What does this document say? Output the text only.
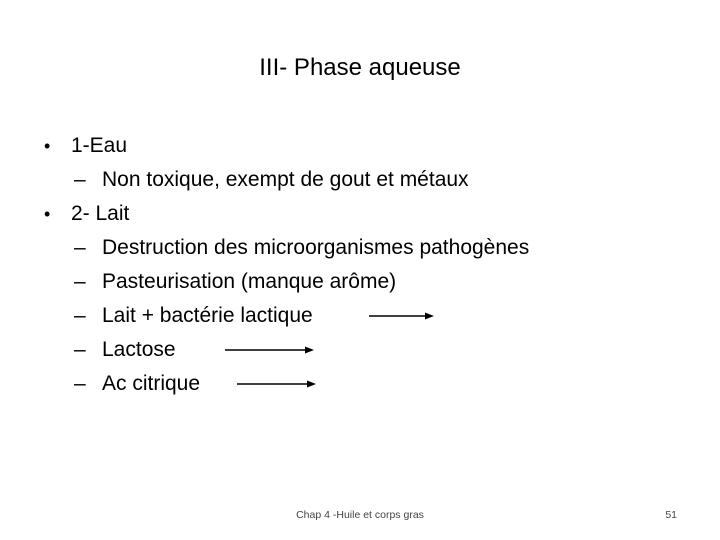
III- Phase aqueuse
• 1-Eau
– Non toxique, exempt de gout et métaux
• 2- Lait
– Destruction des microorganismes pathogènes
– Pasteurisation (manque arôme)
– Lait + bactérie lactique
– Lactose
– Ac citrique
Chap 4 -Huile et corps gras	51
